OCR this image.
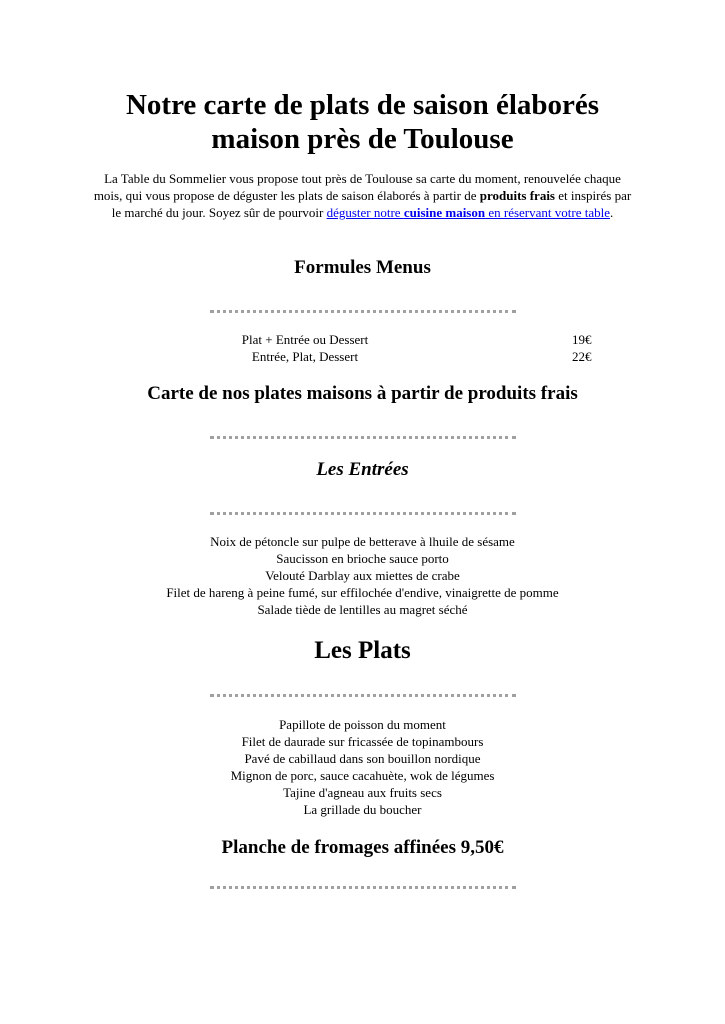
Notre carte de plats de saison élaborés
maison près de Toulouse

La Table du Sommelier vous propose tout près de Toulouse sa carte du moment, renouvelée chaque mois, qui vous propose de déguster les plats de saison élaborés à partir de produits frais et inspirés par le marché du jour. Soyez sûr de pourvoir déguster notre cuisine maison en réservant votre table.

Formules Menus
Plat + Entrée ou Dessert	19€
Entrée, Plat, Dessert	22€
Carte de nos plates maisons à partir de produits frais
Les Entrées
Noix de pétoncle sur pulpe de betterave à lhuile de sésame
Saucisson en brioche sauce porto
Velouté Darblay aux miettes de crabe
Filet de hareng à peine fumé, sur effilochée d'endive, vinaigrette de pomme
Salade tiède de lentilles au magret séché
Les Plats
Papillote de poisson du moment
Filet de daurade sur fricassée de topinambours
Pavé de cabillaud dans son bouillon nordique
Mignon de porc, sauce cacahuète, wok de légumes
Tajine d'agneau aux fruits secs
La grillade du boucher
Planche de fromages affinées 9,50€
